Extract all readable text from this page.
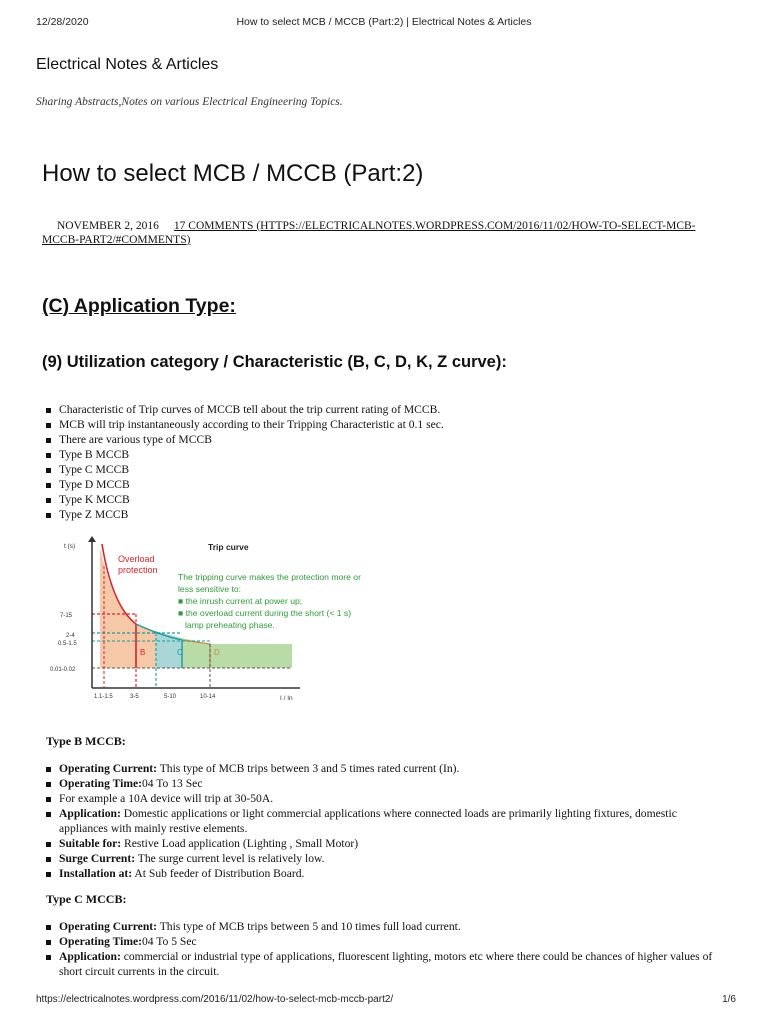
12/28/2020	How to select MCB / MCCB (Part:2) | Electrical Notes & Articles
Electrical Notes & Articles
Sharing Abstracts,Notes on various Electrical Engineering Topics.
How to select MCB / MCCB (Part:2)
NOVEMBER 2, 2016 17 COMMENTS (HTTPS://ELECTRICALNOTES.WORDPRESS.COM/2016/11/02/HOW-TO-SELECT-MCB-MCCB-PART2/#COMMENTS)
(C) Application Type:
(9) Utilization category / Characteristic (B, C, D, K, Z curve):
Characteristic of Trip curves of MCCB tell about the trip current rating of MCCB.
MCB will trip instantaneously according to their Tripping Characteristic at 0.1 sec.
There are various type of MCCB
Type B MCCB
Type C MCCB
Type D MCCB
Type K MCCB
Type Z MCCB
t (s)
I / In
Trip curve
7-15
2-4
0.5-1.5
0.01-0.02
1.1-1.5	3-5	5-10	10-14
B	C	D
Overload
protection
The tripping curve makes the protection more or
less sensitive to:
■ the inrush current at power up;
■ the overload current during the short (< 1 s)
lamp preheating phase.
Type B MCCB:
Operating Current: This type of MCB trips between 3 and 5 times rated current (In).
Operating Time:04 To 13 Sec
For example a 10A device will trip at 30-50A.
Application: Domestic applications or light commercial applications where connected loads are primarily lighting fixtures, domestic appliances with mainly restive elements.
Suitable for: Restive Load application (Lighting , Small Motor)
Surge Current: The surge current level is relatively low.
Installation at: At Sub feeder of Distribution Board.
Type C MCCB:
Operating Current: This type of MCB trips between 5 and 10 times full load current.
Operating Time:04 To 5 Sec
Application: commercial or industrial type of applications, fluorescent lighting, motors etc where there could be chances of higher values of short circuit currents in the circuit.
https://electricalnotes.wordpress.com/2016/11/02/how-to-select-mcb-mccb-part2/	1/6
